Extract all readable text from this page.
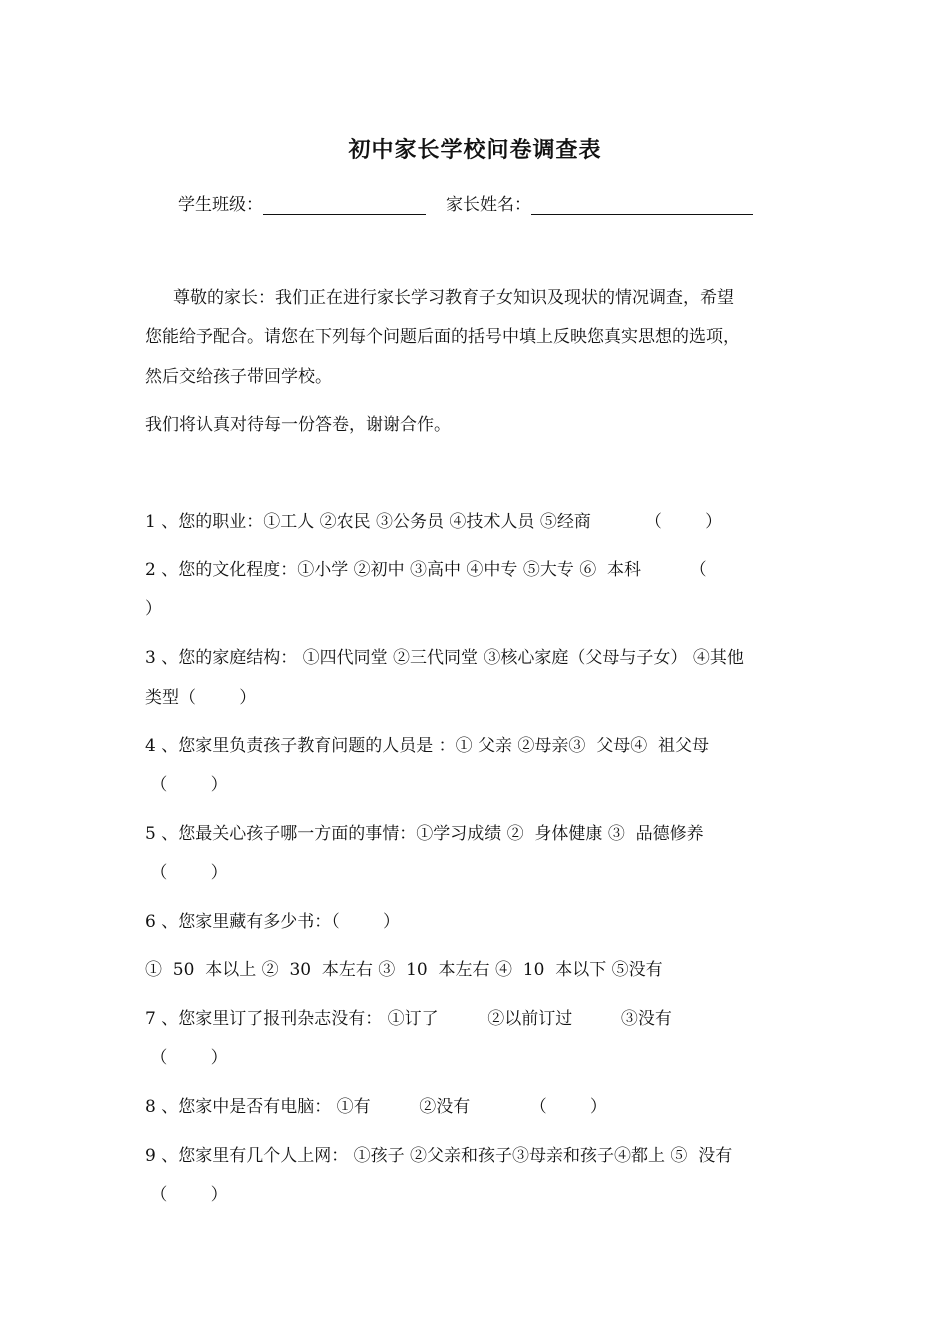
初中家长学校问卷调查表
学生班级：	家长姓名：
尊敬的家长：我们正在进行家长学习教育子女知识及现状的情况调查，希望
您能给予配合。请您在下列每个问题后面的括号中填上反映您真实思想的选项，
然后交给孩子带回学校。
我们将认真对待每一份答卷，谢谢合作。
1 、您的职业：①工人 ②农民 ③公务员 ④技术人员 ⑤经商          （        ）
2 、您的文化程度：①小学 ②初中 ③高中 ④中专 ⑤大专 ⑥  本科         （
）
3 、您的家庭结构： ①四代同堂 ②三代同堂 ③核心家庭（父母与子女） ④其他
类型（        ）
4 、您家里负责孩子教育问题的人员是 ：① 父亲 ②母亲③  父母④  祖父母
（        ）
5 、您最关心孩子哪一方面的事情：①学习成绩 ②  身体健康 ③  品德修养
（        ）
6 、您家里藏有多少书：（        ）
①  50  本以上 ②  30  本左右 ③  10  本左右 ④  10  本以下 ⑤没有
7 、您家里订了报刊杂志没有： ①订了         ②以前订过         ③没有
（        ）
8 、您家中是否有电脑： ①有         ②没有           （        ）
9 、您家里有几个人上网： ①孩子 ②父亲和孩子③母亲和孩子④都上 ⑤  没有
（        ）
